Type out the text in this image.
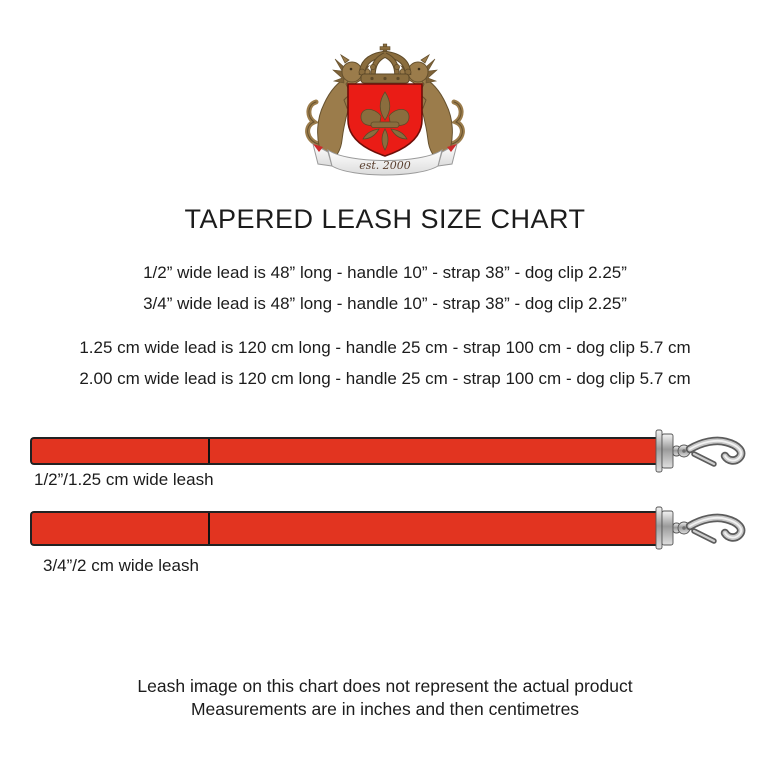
est. 2000
TAPERED LEASH SIZE CHART
1/2” wide lead is 48” long - handle 10” - strap 38” - dog clip 2.25”
3/4” wide lead is 48” long - handle 10” - strap 38” - dog clip 2.25”
1.25 cm wide lead is 120 cm long - handle 25 cm - strap 100 cm - dog clip 5.7 cm
2.00 cm wide lead is 120 cm long - handle 25 cm - strap 100 cm - dog clip 5.7 cm
1/2”/1.25 cm wide leash
3/4”/2 cm wide leash
Leash image on this chart does not represent the actual product
Measurements are in inches and then centimetres
